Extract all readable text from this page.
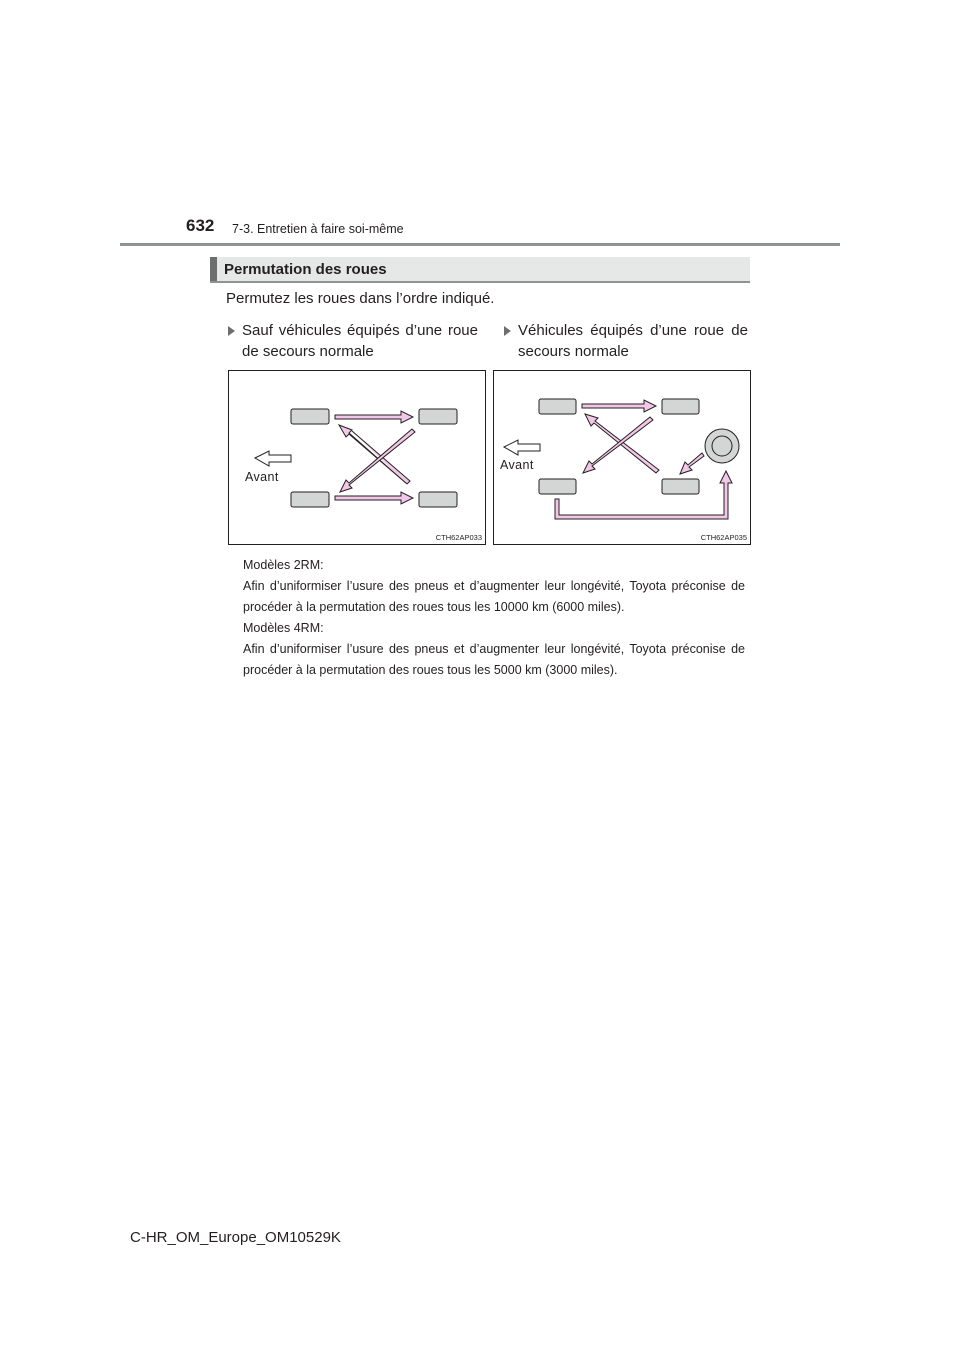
632 7-3. Entretien à faire soi-même
Permutation des roues
Permutez les roues dans l’ordre indiqué.
Sauf véhicules équipés d’une roue de secours normale
Véhicules équipés d’une roue de secours normale
Avant
CTH62AP033
Avant
CTH62AP035
Modèles 2RM:
Afin d’uniformiser l’usure des pneus et d’augmenter leur longévité, Toyota préconise de procéder à la permutation des roues tous les 10000 km (6000 miles).
Modèles 4RM:
Afin d’uniformiser l’usure des pneus et d’augmenter leur longévité, Toyota préconise de procéder à la permutation des roues tous les 5000 km (3000 miles).
C-HR_OM_Europe_OM10529K
